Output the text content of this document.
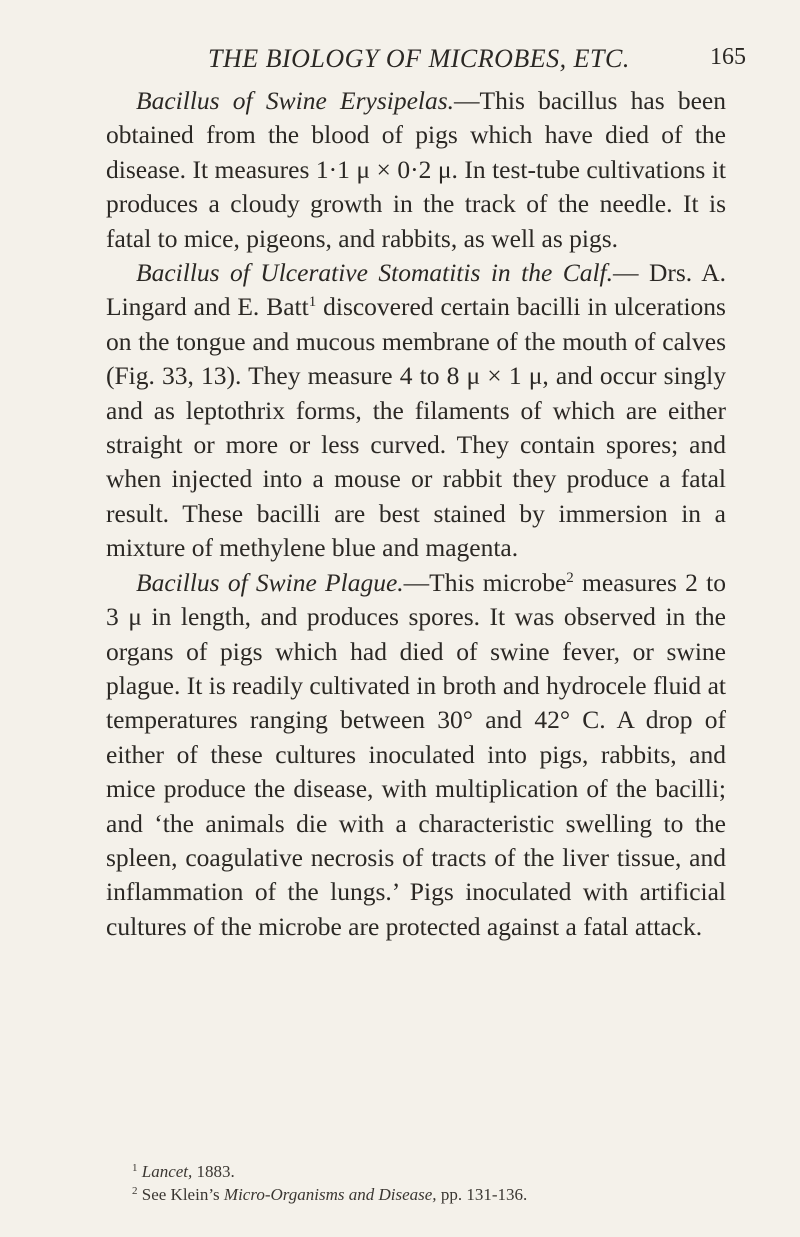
THE BIOLOGY OF MICROBES, ETC.	165

Bacillus of Swine Erysipelas.—This bacillus has been obtained from the blood of pigs which have died of the disease. It measures 1·1 μ × 0·2 μ. In test-tube cultivations it produces a cloudy growth in the track of the needle. It is fatal to mice, pigeons, and rabbits, as well as pigs.

Bacillus of Ulcerative Stomatitis in the Calf.— Drs. A. Lingard and E. Batt$^1$ discovered certain bacilli in ulcerations on the tongue and mucous membrane of the mouth of calves (Fig. 33, 13). They measure 4 to 8 μ × 1 μ, and occur singly and as leptothrix forms, the filaments of which are either straight or more or less curved. They contain spores; and when injected into a mouse or rabbit they produce a fatal result. These bacilli are best stained by immersion in a mixture of methylene blue and magenta.

Bacillus of Swine Plague.—This microbe$^2$ measures 2 to 3 μ in length, and produces spores. It was observed in the organs of pigs which had died of swine fever, or swine plague. It is readily cultivated in broth and hydrocele fluid at temperatures ranging between 30° and 42° C. A drop of either of these cultures inoculated into pigs, rabbits, and mice produce the disease, with multiplication of the bacilli; and ‘the animals die with a characteristic swelling to the spleen, coagulative necrosis of tracts of the liver tissue, and inflammation of the lungs.’ Pigs inoculated with artificial cultures of the microbe are protected against a fatal attack.

$^1$ Lancet, 1883.

$^2$ See Klein’s Micro-Organisms and Disease, pp. 131-136.
